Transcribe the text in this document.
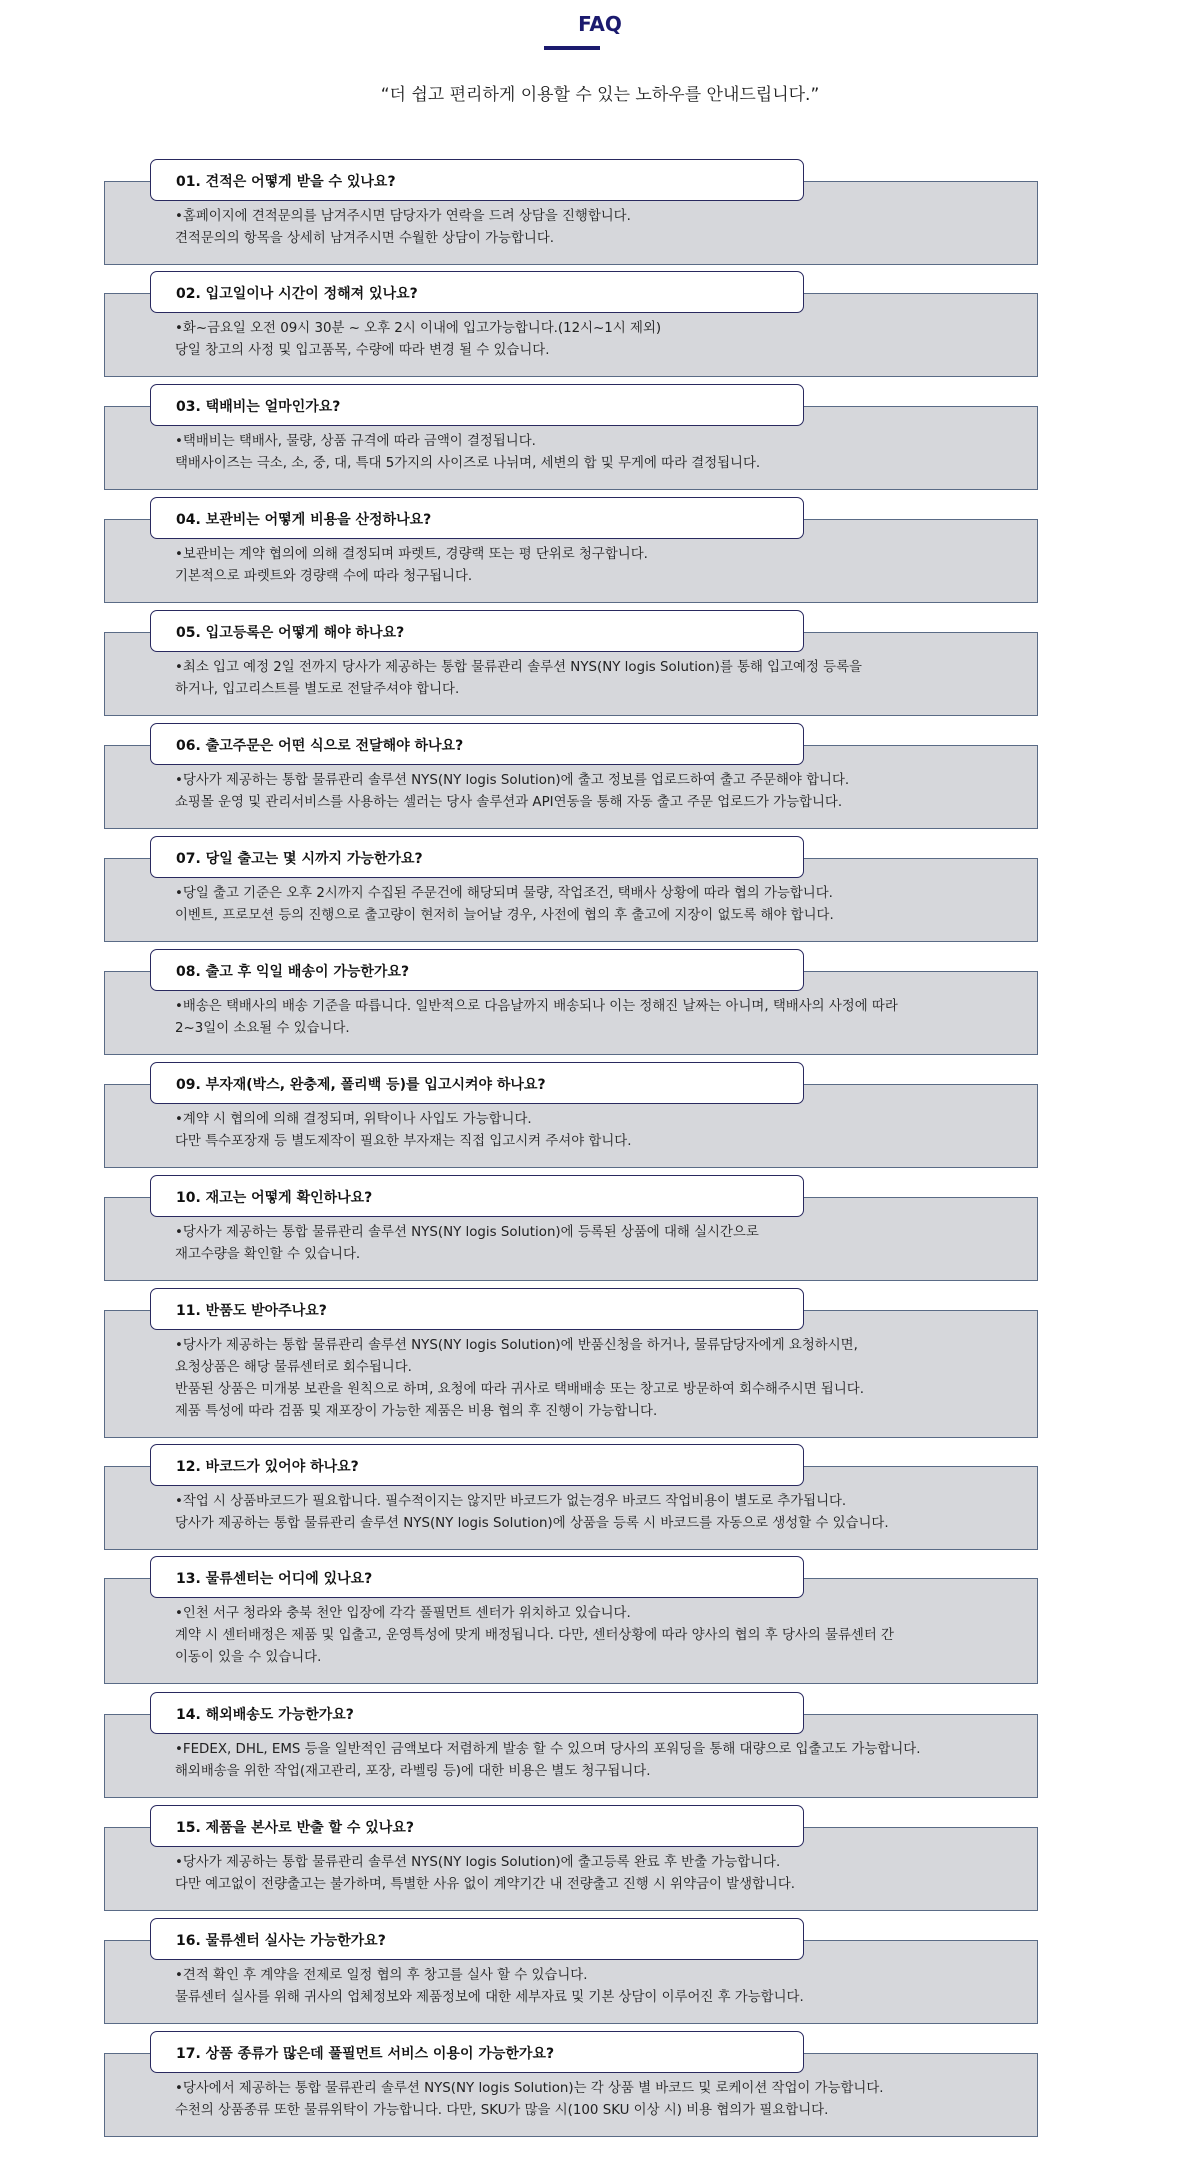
FAQ
“더 쉽고 편리하게 이용할 수 있는 노하우를 안내드립니다.”
•홈페이지에 견적문의를 남겨주시면 담당자가 연락을 드려 상담을 진행합니다.
견적문의의 항목을 상세히 남겨주시면 수월한 상담이 가능합니다.
01. 견적은 어떻게 받을 수 있나요?
•화~금요일 오전 09시 30분 ~ 오후 2시 이내에 입고가능합니다.(12시~1시 제외)
당일 창고의 사정 및 입고품목, 수량에 따라 변경 될 수 있습니다.
02. 입고일이나 시간이 정해져 있나요?
•택배비는 택배사, 물량, 상품 규격에 따라 금액이 결정됩니다.
택배사이즈는 극소, 소, 중, 대, 특대 5가지의 사이즈로 나뉘며, 세변의 합 및 무게에 따라 결정됩니다.
03. 택배비는 얼마인가요?
•보관비는 계약 협의에 의해 결정되며 파렛트, 경량랙 또는 평 단위로 청구합니다.
기본적으로 파렛트와 경량랙 수에 따라 청구됩니다.
04. 보관비는 어떻게 비용을 산정하나요?
•최소 입고 예정 2일 전까지 당사가 제공하는 통합 물류관리 솔루션 NYS(NY logis Solution)를 통해 입고예정 등록을
하거나, 입고리스트를 별도로 전달주셔야 합니다.
05. 입고등록은 어떻게 해야 하나요?
•당사가 제공하는 통합 물류관리 솔루션 NYS(NY logis Solution)에 출고 정보를 업로드하여 출고 주문해야 합니다.
쇼핑몰 운영 및 관리서비스를 사용하는 셀러는 당사 솔루션과 API연동을 통해 자동 출고 주문 업로드가 가능합니다.
06. 출고주문은 어떤 식으로 전달해야 하나요?
•당일 출고 기준은 오후 2시까지 수집된 주문건에 해당되며 물량, 작업조건, 택배사 상황에 따라 협의 가능합니다.
이벤트, 프로모션 등의 진행으로 출고량이 현저히 늘어날 경우, 사전에 협의 후 출고에 지장이 없도록 해야 합니다.
07. 당일 출고는 몇 시까지 가능한가요?
•배송은 택배사의 배송 기준을 따릅니다. 일반적으로 다음날까지 배송되나 이는 정해진 날짜는 아니며, 택배사의 사정에 따라
2~3일이 소요될 수 있습니다.
08. 출고 후 익일 배송이 가능한가요?
•계약 시 협의에 의해 결정되며, 위탁이나 사입도 가능합니다.
다만 특수포장재 등 별도제작이 필요한 부자재는 직접 입고시켜 주셔야 합니다.
09. 부자재(박스, 완충제, 폴리백 등)를 입고시켜야 하나요?
•당사가 제공하는 통합 물류관리 솔루션 NYS(NY logis Solution)에 등록된 상품에 대해 실시간으로
재고수량을 확인할 수 있습니다.
10. 재고는 어떻게 확인하나요?
•당사가 제공하는 통합 물류관리 솔루션 NYS(NY logis Solution)에 반품신청을 하거나, 물류담당자에게 요청하시면,
요청상품은 해당 물류센터로 회수됩니다.
반품된 상품은 미개봉 보관을 원칙으로 하며, 요청에 따라 귀사로 택배배송 또는 창고로 방문하여 회수해주시면 됩니다.
제품 특성에 따라 검품 및 재포장이 가능한 제품은 비용 협의 후 진행이 가능합니다.
11. 반품도 받아주나요?
•작업 시 상품바코드가 필요합니다. 필수적이지는 않지만 바코드가 없는경우 바코드 작업비용이 별도로 추가됩니다.
당사가 제공하는 통합 물류관리 솔루션 NYS(NY logis Solution)에 상품을 등록 시 바코드를 자동으로 생성할 수 있습니다.
12. 바코드가 있어야 하나요?
•인천 서구 청라와 충북 천안 입장에 각각 풀필먼트 센터가 위치하고 있습니다.
계약 시 센터배정은 제품 및 입출고, 운영특성에 맞게 배정됩니다. 다만, 센터상황에 따라 양사의 협의 후 당사의 물류센터 간
이동이 있을 수 있습니다.
13. 물류센터는 어디에 있나요?
•FEDEX, DHL, EMS 등을 일반적인 금액보다 저렴하게 발송 할 수 있으며 당사의 포워딩을 통해 대량으로 입출고도 가능합니다.
해외배송을 위한 작업(재고관리, 포장, 라벨링 등)에 대한 비용은 별도 청구됩니다.
14. 해외배송도 가능한가요?
•당사가 제공하는 통합 물류관리 솔루션 NYS(NY logis Solution)에 출고등록 완료 후 반출 가능합니다.
다만 예고없이 전량출고는 불가하며, 특별한 사유 없이 계약기간 내 전량출고 진행 시 위약금이 발생합니다.
15. 제품을 본사로 반출 할 수 있나요?
•견적 확인 후 계약을 전제로 일정 협의 후 창고를 실사 할 수 있습니다.
물류센터 실사를 위해 귀사의 업체정보와 제품정보에 대한 세부자료 및 기본 상담이 이루어진 후 가능합니다.
16. 물류센터 실사는 가능한가요?
•당사에서 제공하는 통합 물류관리 솔루션 NYS(NY logis Solution)는 각 상품 별 바코드 및 로케이션 작업이 가능합니다.
수천의 상품종류 또한 물류위탁이 가능합니다. 다만, SKU가 많을 시(100 SKU 이상 시) 비용 협의가 필요합니다.
17. 상품 종류가 많은데 풀필먼트 서비스 이용이 가능한가요?
